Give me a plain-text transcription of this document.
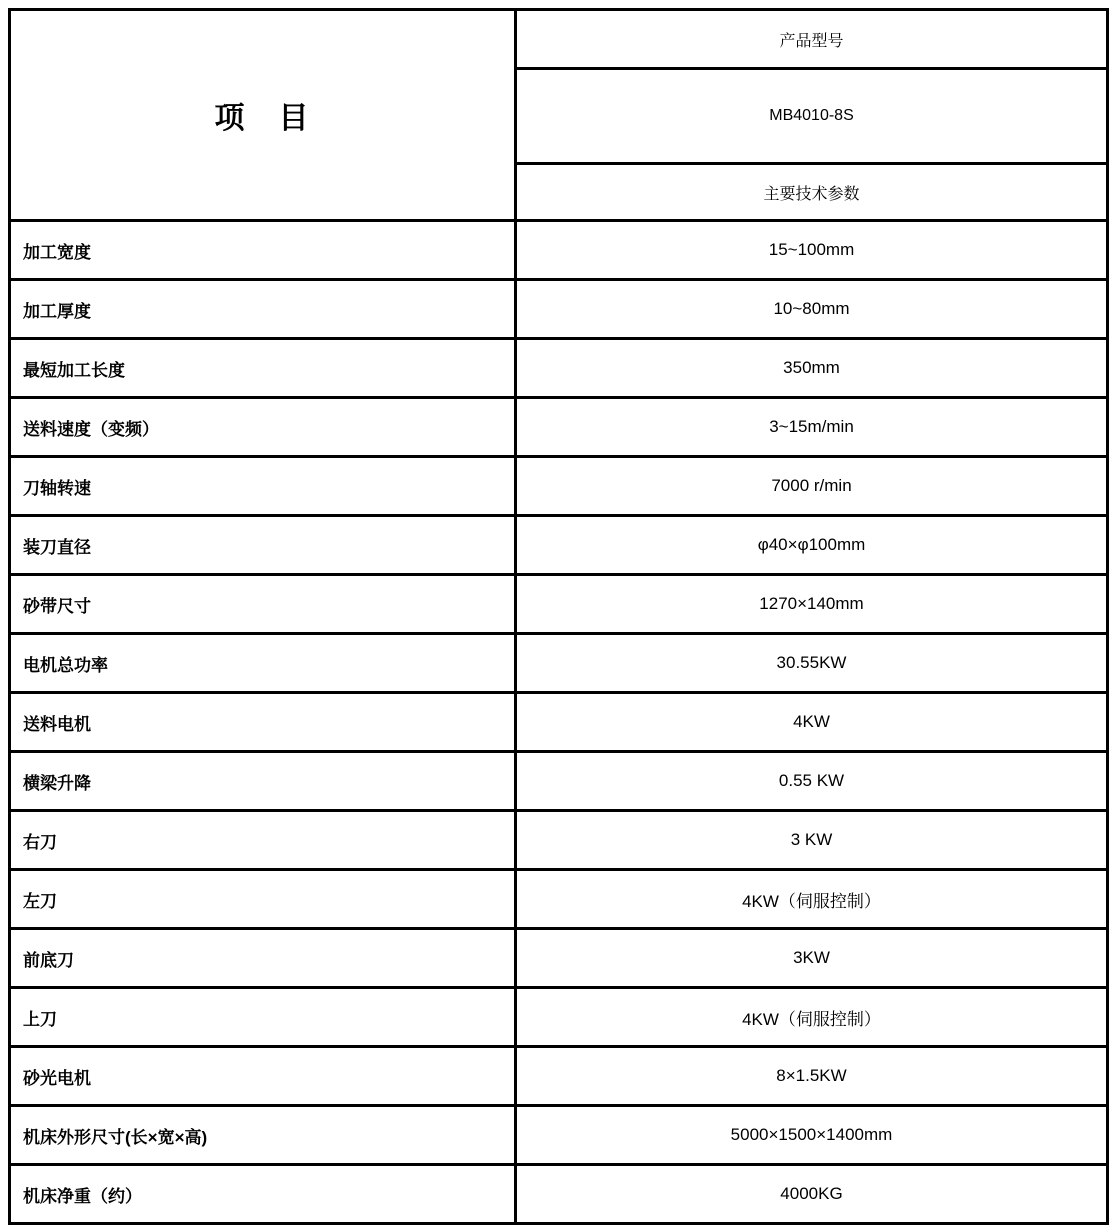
项　目	产品型号
	MB4010-8S
	主要技术参数
加工宽度	15~100mm
加工厚度	10~80mm
最短加工长度	350mm
送料速度（变频）	3~15m/min
刀轴转速	7000 r/min
装刀直径	φ40×φ100mm
砂带尺寸	1270×140mm
电机总功率	30.55KW
送料电机	4KW
横梁升降	0.55 KW
右刀	3 KW
左刀	4KW（伺服控制）
前底刀	3KW
上刀	4KW（伺服控制）
砂光电机	8×1.5KW
机床外形尺寸(长×宽×高)	5000×1500×1400mm
机床净重（约）	4000KG
